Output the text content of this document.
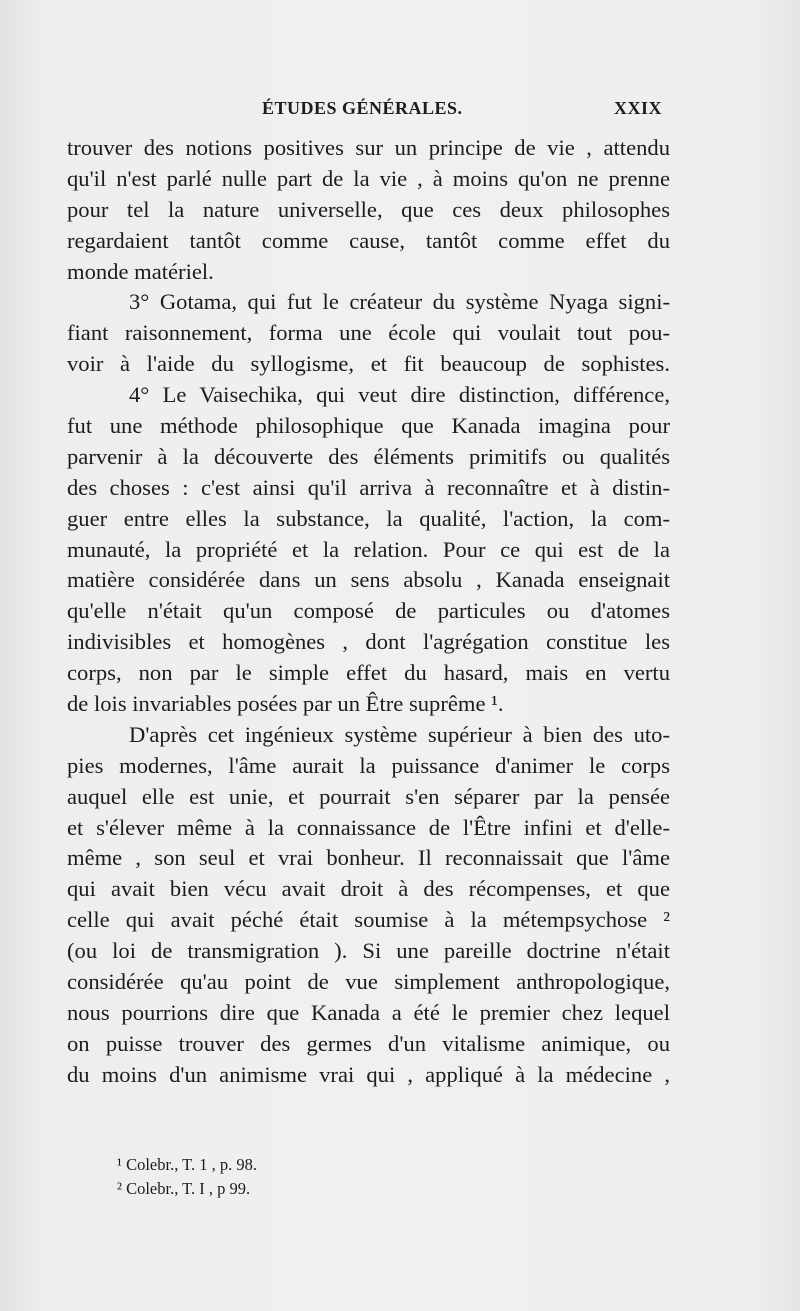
ÉTUDES GÉNÉRALES.	XXIX

trouver des notions positives sur un principe de vie , attendu
qu'il n'est parlé nulle part de la vie , à moins qu'on ne prenne
pour tel la nature universelle, que ces deux philosophes
regardaient tantôt comme cause, tantôt comme effet du
monde matériel.

3° Gotama, qui fut le créateur du système Nyaga signi-
fiant raisonnement, forma une école qui voulait tout pou-
voir à l'aide du syllogisme, et fit beaucoup de sophistes.

4° Le Vaisechika, qui veut dire distinction, différence,
fut une méthode philosophique que Kanada imagina pour
parvenir à la découverte des éléments primitifs ou qualités
des choses : c'est ainsi qu'il arriva à reconnaître et à distin-
guer entre elles la substance, la qualité, l'action, la com-
munauté, la propriété et la relation. Pour ce qui est de la
matière considérée dans un sens absolu , Kanada enseignait
qu'elle n'était qu'un composé de particules ou d'atomes
indivisibles et homogènes , dont l'agrégation constitue les
corps, non par le simple effet du hasard, mais en vertu
de lois invariables posées par un Être suprême ¹.

D'après cet ingénieux système supérieur à bien des uto-
pies modernes, l'âme aurait la puissance d'animer le corps
auquel elle est unie, et pourrait s'en séparer par la pensée
et s'élever même à la connaissance de l'Être infini et d'elle-
même , son seul et vrai bonheur. Il reconnaissait que l'âme
qui avait bien vécu avait droit à des récompenses, et que
celle qui avait péché était soumise à la métempsychose ²
(ou loi de transmigration ). Si une pareille doctrine n'était
considérée qu'au point de vue simplement anthropologique,
nous pourrions dire que Kanada a été le premier chez lequel
on puisse trouver des germes d'un vitalisme animique, ou
du moins d'un animisme vrai qui , appliqué à la médecine ,

¹ Colebr., T. 1 , p. 98.
² Colebr., T. I , p 99.
